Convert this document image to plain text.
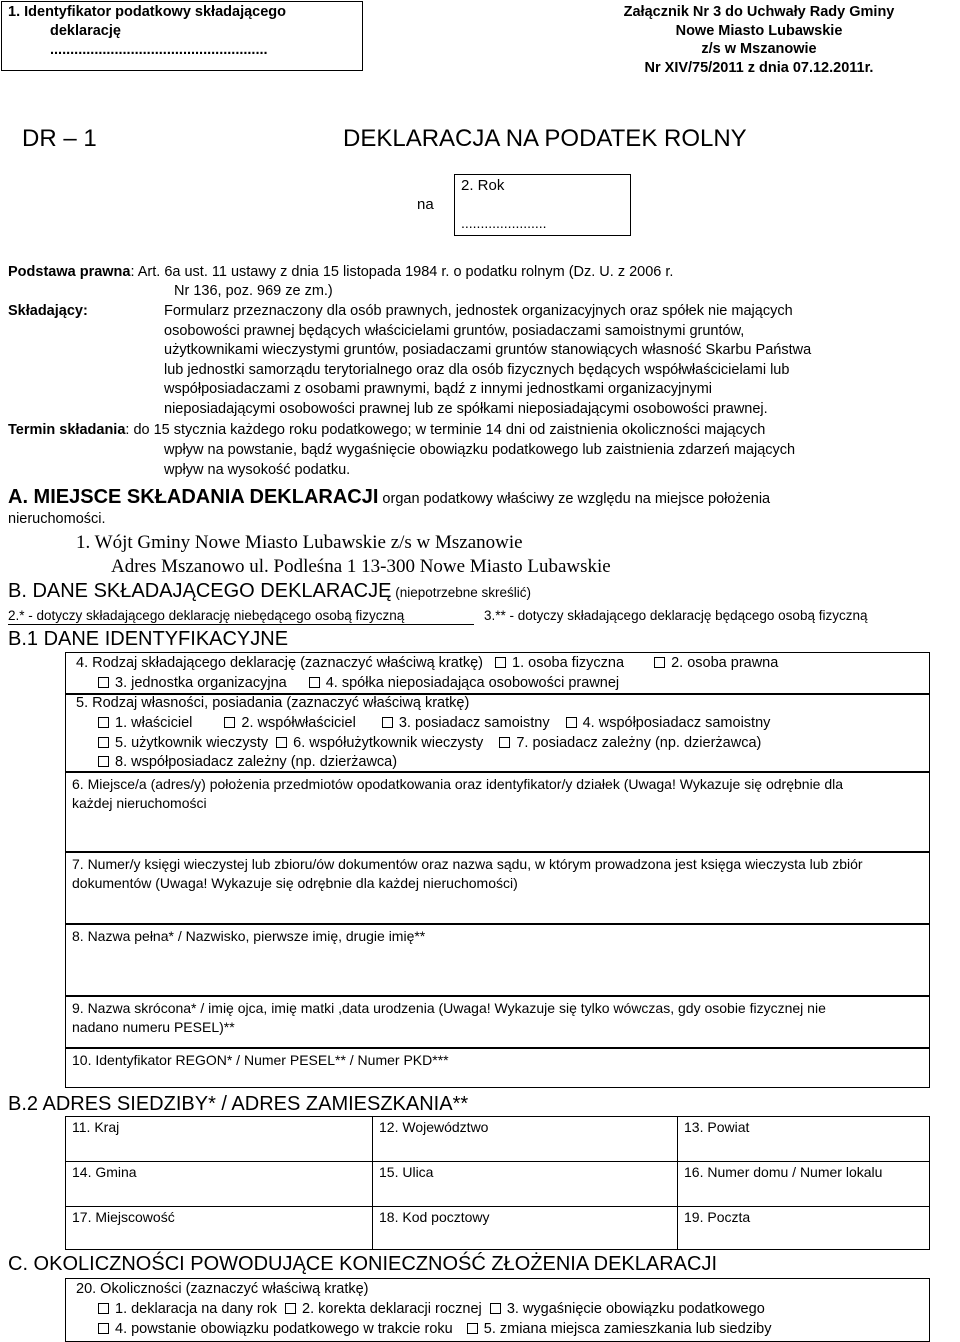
1. Identyfikator podatkowy składającego
deklarację
......................................................
Załącznik Nr 3 do Uchwały Rady Gminy
Nowe Miasto Lubawskie
z/s w Mszanowie
Nr XIV/75/2011 z dnia 07.12.2011r.
DR – 1	DEKLARACJA NA PODATEK ROLNY
na
2. Rok
......................
Podstawa prawna: Art. 6a ust. 11 ustawy z dnia 15 listopada 1984 r. o podatku rolnym (Dz. U. z 2006 r.
Nr 136, poz. 969 ze zm.)
Składający:	Formularz przeznaczony dla osób prawnych, jednostek organizacyjnych oraz spółek nie mających
osobowości prawnej będących właścicielami gruntów, posiadaczami samoistnymi gruntów,
użytkownikami wieczystymi gruntów, posiadaczami gruntów stanowiących własność Skarbu Państwa
lub jednostki samorządu terytorialnego oraz dla osób fizycznych będących współwłaścicielami lub
współposiadaczami z osobami prawnymi, bądź z innymi jednostkami organizacyjnymi
nieposiadającymi osobowości prawnej lub ze spółkami nieposiadającymi osobowości prawnej.
Termin składania: do 15 stycznia każdego roku podatkowego; w terminie 14 dni od zaistnienia okoliczności mających
wpływ na powstanie, bądź wygaśnięcie obowiązku podatkowego lub zaistnienia zdarzeń mających
wpływ na wysokość podatku.
A. MIEJSCE SKŁADANIA DEKLARACJI organ podatkowy właściwy ze względu na miejsce położenia
nieruchomości.
1. Wójt Gminy Nowe Miasto Lubawskie z/s w Mszanowie
Adres Mszanowo ul. Podleśna 1 13-300 Nowe Miasto Lubawskie
B. DANE SKŁADAJĄCEGO DEKLARACJĘ (niepotrzebne skreślić)
2.* - dotyczy składającego deklarację niebędącego osobą fizyczną	3.** - dotyczy składającego deklarację będącego osobą fizyczną
B.1 DANE IDENTYFIKACYJNE
4. Rodzaj składającego deklarację (zaznaczyć właściwą kratkę) 1. osoba fizyczna	2. osoba prawna
3. jednostka organizacyjna	4. spółka nieposiadająca osobowości prawnej
5. Rodzaj własności, posiadania (zaznaczyć właściwą kratkę)
1. właściciel	2. współwłaściciel	3. posiadacz samoistny 4. współposiadacz samoistny
5. użytkownik wieczysty 6. współużytkownik wieczysty 7. posiadacz zależny (np. dzierżawca)
8. współposiadacz zależny (np. dzierżawca)
6. Miejsce/a (adres/y) położenia przedmiotów opodatkowania oraz identyfikator/y działek (Uwaga! Wykazuje się odrębnie dla
każdej nieruchomości
7. Numer/y księgi wieczystej lub zbioru/ów dokumentów oraz nazwa sądu, w którym prowadzona jest księga wieczysta lub zbiór
dokumentów (Uwaga! Wykazuje się odrębnie dla każdej nieruchomości)
8. Nazwa pełna* / Nazwisko, pierwsze imię, drugie imię**
9. Nazwa skrócona* / imię ojca, imię matki ,data urodzenia (Uwaga! Wykazuje się tylko wówczas, gdy osobie fizycznej nie
nadano numeru PESEL)**
10. Identyfikator REGON* / Numer PESEL** / Numer PKD***
B.2 ADRES SIEDZIBY* / ADRES ZAMIESZKANIA**
11. Kraj	12. Województwo	13. Powiat
14. Gmina	15. Ulica	16. Numer domu / Numer lokalu
17. Miejscowość	18. Kod pocztowy	19. Poczta
C. OKOLICZNOŚCI POWODUJĄCE KONIECZNOŚĆ ZŁOŻENIA DEKLARACJI
20. Okoliczności (zaznaczyć właściwą kratkę)
1. deklaracja na dany rok 2. korekta deklaracji rocznej 3. wygaśnięcie obowiązku podatkowego
4. powstanie obowiązku podatkowego w trakcie roku 5. zmiana miejsca zamieszkania lub siedziby
